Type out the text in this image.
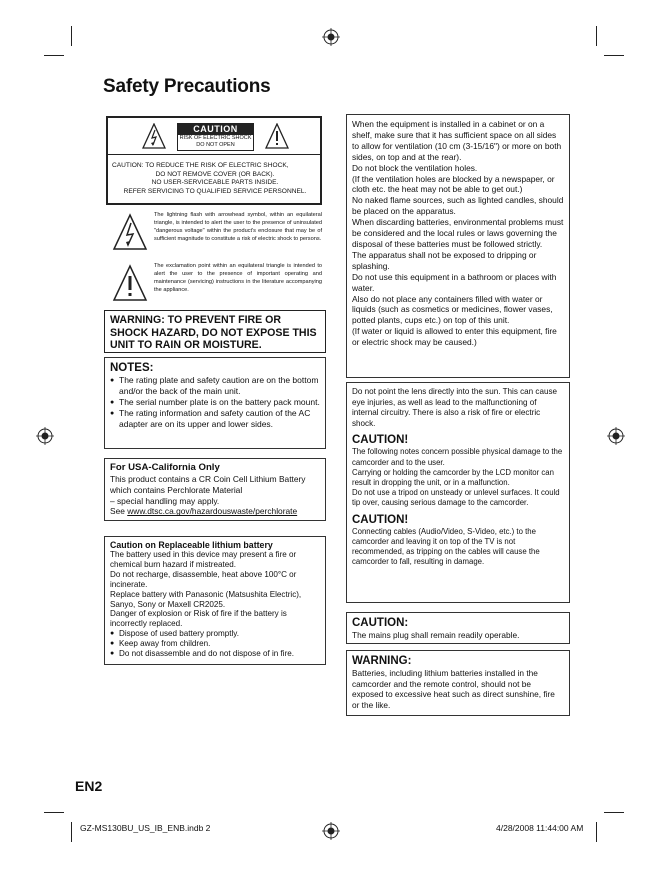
Safety Precautions
CAUTION
RISK OF ELECTRIC SHOCK
DO NOT OPEN
CAUTION: TO REDUCE THE RISK OF ELECTRIC SHOCK,
DO NOT REMOVE COVER (OR BACK).
NO USER-SERVICEABLE PARTS INSIDE.
REFER SERVICING TO QUALIFIED SERVICE PERSONNEL.
The lightning flash with arrowhead symbol, within an equilateral triangle, is intended to alert the user to the presence of uninsulated "dangerous voltage" within the product's enclosure that may be of sufficient magnitude to constitute a risk of electric shock to persons.
The exclamation point within an equilateral triangle is intended to alert the user to the presence of important operating and maintenance (servicing) instructions in the literature accompanying the appliance.
WARNING: TO PREVENT FIRE OR SHOCK HAZARD, DO NOT EXPOSE THIS UNIT TO RAIN OR MOISTURE.
NOTES:
● The rating plate and safety caution are on the bottom and/or the back of the main unit.
● The serial number plate is on the battery pack mount.
● The rating information and safety caution of the AC adapter are on its upper and lower sides.
For USA-California Only
This product contains a CR Coin Cell Lithium Battery which contains Perchlorate Material
– special handling may apply.
See www.dtsc.ca.gov/hazardouswaste/perchlorate
Caution on Replaceable lithium battery
The battery used in this device may present a fire or chemical burn hazard if mistreated.
Do not recharge, disassemble, heat above 100°C or incinerate.
Replace battery with Panasonic (Matsushita Electric), Sanyo, Sony or Maxell CR2025.
Danger of explosion or Risk of fire if the battery is incorrectly replaced.
● Dispose of used battery promptly.
● Keep away from children.
● Do not disassemble and do not dispose of in fire.
When the equipment is installed in a cabinet or on a shelf, make sure that it has sufficient space on all sides to allow for ventilation (10 cm (3-15/16") or more on both sides, on top and at the rear).
Do not block the ventilation holes.
(If the ventilation holes are blocked by a newspaper, or cloth etc. the heat may not be able to get out.)
No naked flame sources, such as lighted candles, should be placed on the apparatus.
When discarding batteries, environmental problems must be considered and the local rules or laws governing the disposal of these batteries must be followed strictly.
The apparatus shall not be exposed to dripping or splashing.
Do not use this equipment in a bathroom or places with water.
Also do not place any containers filled with water or liquids (such as cosmetics or medicines, flower vases, potted plants, cups etc.) on top of this unit.
(If water or liquid is allowed to enter this equipment, fire or electric shock may be caused.)
Do not point the lens directly into the sun. This can cause eye injuries, as well as lead to the malfunctioning of internal circuitry. There is also a risk of fire or electric shock.
CAUTION!
The following notes concern possible physical damage to the camcorder and to the user.
Carrying or holding the camcorder by the LCD monitor can result in dropping the unit, or in a malfunction.
Do not use a tripod on unsteady or unlevel surfaces. It could tip over, causing serious damage to the camcorder.
CAUTION!
Connecting cables (Audio/Video, S-Video, etc.) to the camcorder and leaving it on top of the TV is not recommended, as tripping on the cables will cause the camcorder to fall, resulting in damage.
CAUTION:
The mains plug shall remain readily operable.
WARNING:
Batteries, including lithium batteries installed in the camcorder and the remote control, should not be exposed to excessive heat such as direct sunshine, fire or the like.
EN2
GZ-MS130BU_US_IB_ENB.indb 2	4/28/2008 11:44:00 AM
